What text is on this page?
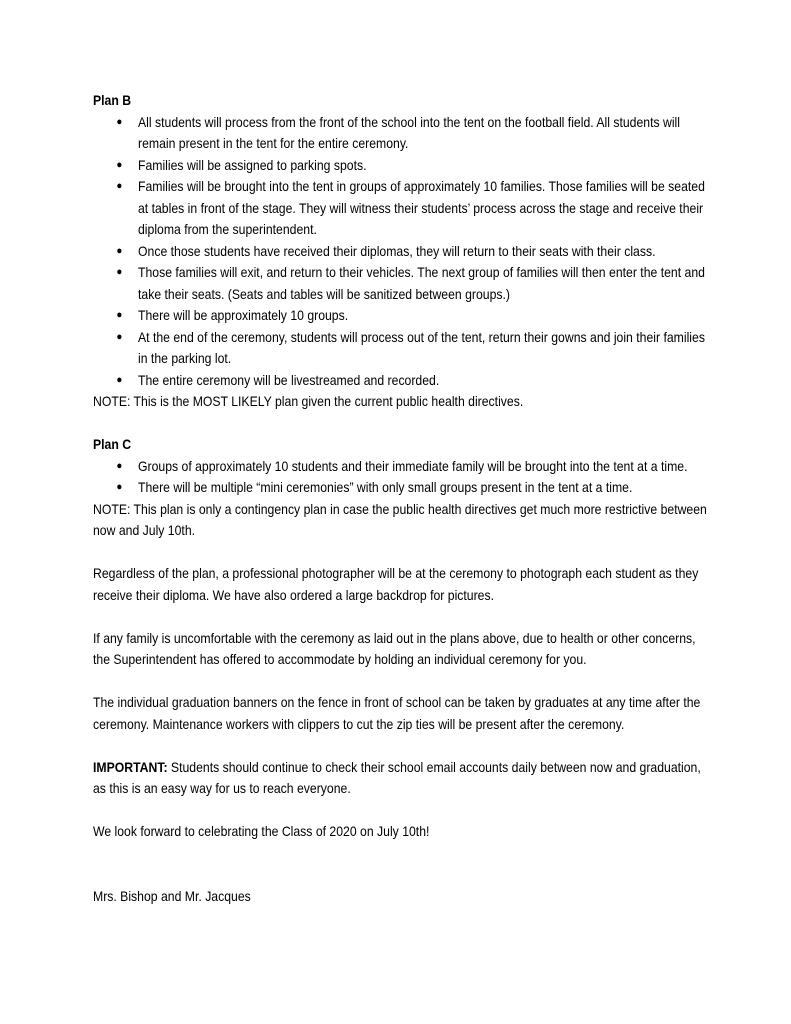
Plan B

● All students will process from the front of the school into the tent on the football field. All students will remain present in the tent for the entire ceremony.
● Families will be assigned to parking spots.
● Families will be brought into the tent in groups of approximately 10 families. Those families will be seated at tables in front of the stage. They will witness their students’ process across the stage and receive their diploma from the superintendent.
● Once those students have received their diplomas, they will return to their seats with their class.
● Those families will exit, and return to their vehicles. The next group of families will then enter the tent and take their seats. (Seats and tables will be sanitized between groups.)
● There will be approximately 10 groups.
● At the end of the ceremony, students will process out of the tent, return their gowns and join their families in the parking lot.
● The entire ceremony will be livestreamed and recorded.

NOTE: This is the MOST LIKELY plan given the current public health directives.

Plan C

● Groups of approximately 10 students and their immediate family will be brought into the tent at a time.
● There will be multiple “mini ceremonies” with only small groups present in the tent at a time.

NOTE: This plan is only a contingency plan in case the public health directives get much more restrictive between now and July 10th.

Regardless of the plan, a professional photographer will be at the ceremony to photograph each student as they receive their diploma. We have also ordered a large backdrop for pictures.

If any family is uncomfortable with the ceremony as laid out in the plans above, due to health or other concerns, the Superintendent has offered to accommodate by holding an individual ceremony for you.

The individual graduation banners on the fence in front of school can be taken by graduates at any time after the ceremony. Maintenance workers with clippers to cut the zip ties will be present after the ceremony.

IMPORTANT: Students should continue to check their school email accounts daily between now and graduation, as this is an easy way for us to reach everyone.

We look forward to celebrating the Class of 2020 on July 10th!

Mrs. Bishop and Mr. Jacques
